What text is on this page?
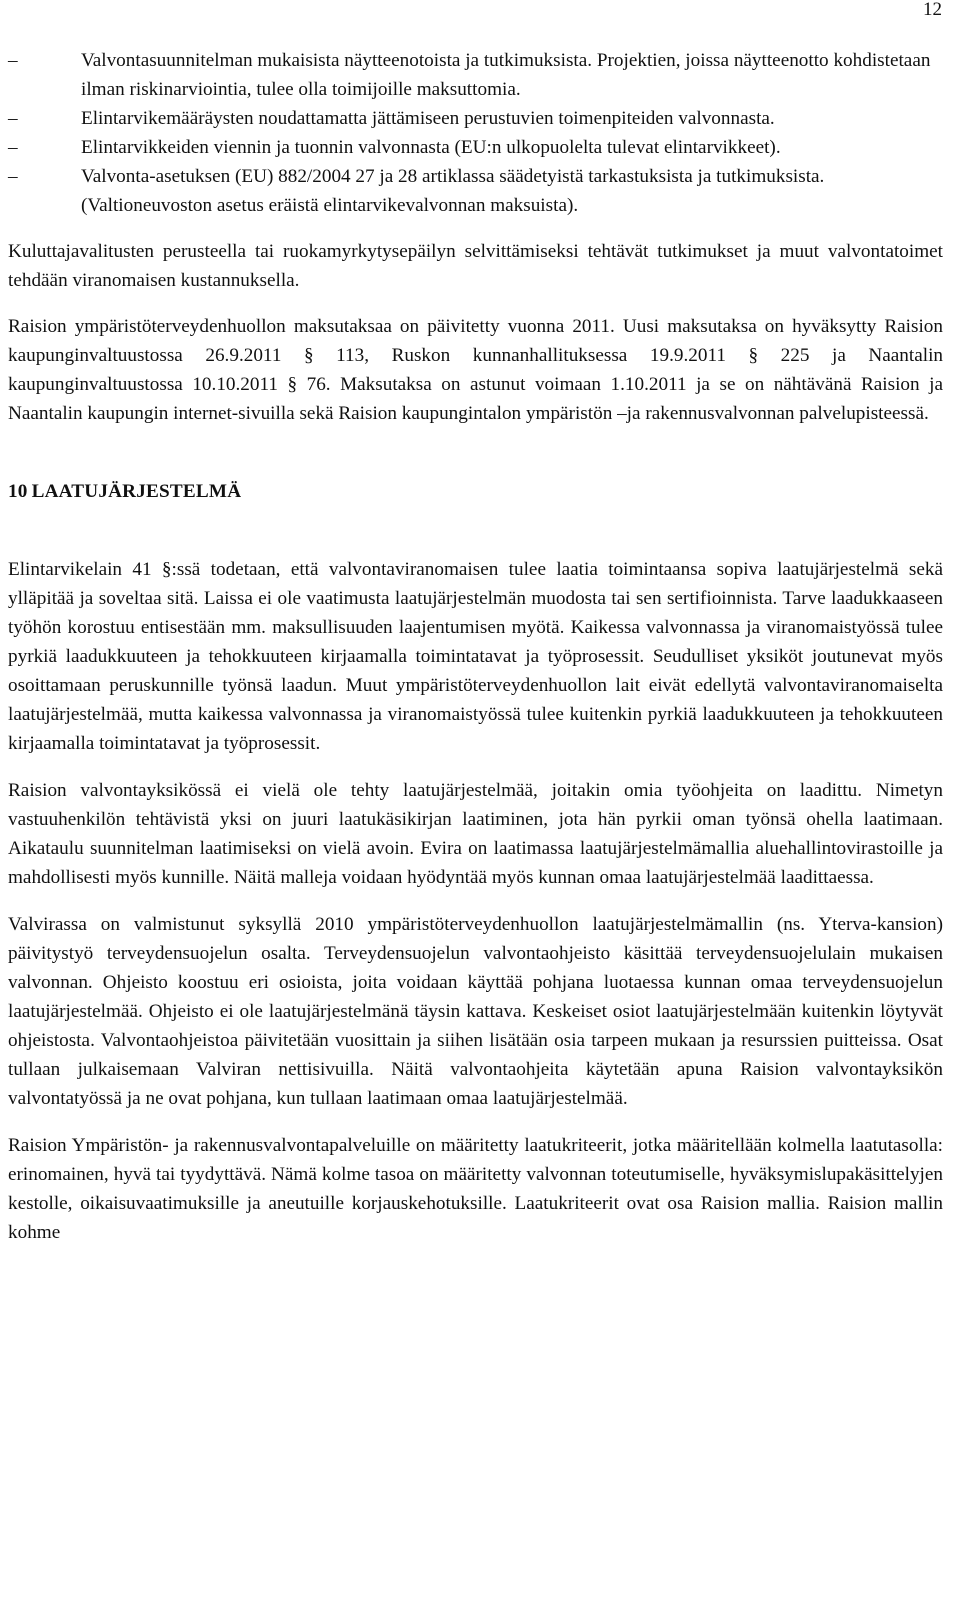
12
–	Valvontasuunnitelman mukaisista näytteenotoista ja tutkimuksista. Projektien, joissa näytteenotto kohdistetaan ilman riskinarviointia, tulee olla toimijoille maksuttomia.
–	Elintarvikemääräysten noudattamatta jättämiseen perustuvien toimenpiteiden valvonnasta.
–	Elintarvikkeiden viennin ja tuonnin valvonnasta (EU:n ulkopuolelta tulevat elintarvikkeet).
–	Valvonta-asetuksen (EU) 882/2004 27 ja 28 artiklassa säädetyistä tarkastuksista ja tutkimuksista. (Valtioneuvoston asetus eräistä elintarvikevalvonnan maksuista).

Kuluttajavalitusten perusteella tai ruokamyrkytysepäilyn selvittämiseksi tehtävät tutkimukset ja muut valvontatoimet tehdään viranomaisen kustannuksella.

Raision ympäristöterveydenhuollon maksutaksaa on päivitetty vuonna 2011. Uusi maksutaksa on hyväksytty Raision kaupunginvaltuustossa 26.9.2011 § 113, Ruskon kunnanhallituksessa 19.9.2011 § 225 ja Naantalin kaupunginvaltuustossa 10.10.2011 § 76. Maksutaksa on astunut voimaan 1.10.2011 ja se on nähtävänä Raision ja Naantalin kaupungin internet-sivuilla sekä Raision kaupungintalon ympäristön –ja rakennusvalvonnan palvelupisteessä.

10 LAATUJÄRJESTELMÄ

Elintarvikelain 41 §:ssä todetaan, että valvontaviranomaisen tulee laatia toimintaansa sopiva laatujärjestelmä sekä ylläpitää ja soveltaa sitä. Laissa ei ole vaatimusta laatujärjestelmän muodosta tai sen sertifioinnista. Tarve laadukkaaseen työhön korostuu entisestään mm. maksullisuuden laajentumisen myötä. Kaikessa valvonnassa ja viranomaistyössä tulee pyrkiä laadukkuuteen ja tehokkuuteen kirjaamalla toimintatavat ja työprosessit. Seudulliset yksiköt joutunevat myös osoittamaan peruskunnille työnsä laadun. Muut ympäristöterveydenhuollon lait eivät edellytä valvontaviranomaiselta laatujärjestelmää, mutta kaikessa valvonnassa ja viranomaistyössä tulee kuitenkin pyrkiä laadukkuuteen ja tehokkuuteen kirjaamalla toimintatavat ja työprosessit.

Raision valvontayksikössä ei vielä ole tehty laatujärjestelmää, joitakin omia työohjeita on laadittu. Nimetyn vastuuhenkilön tehtävistä yksi on juuri laatukäsikirjan laatiminen, jota hän pyrkii oman työnsä ohella laatimaan. Aikataulu suunnitelman laatimiseksi on vielä avoin. Evira on laatimassa laatujärjestelmämallia aluehallintovirastoille ja mahdollisesti myös kunnille. Näitä malleja voidaan hyödyntää myös kunnan omaa laatujärjestelmää laadittaessa.

Valvirassa on valmistunut syksyllä 2010 ympäristöterveydenhuollon laatujärjestelmämallin (ns. Yterva-kansion) päivitystyö terveydensuojelun osalta. Terveydensuojelun valvontaohjeisto käsittää terveydensuojelulain mukaisen valvonnan. Ohjeisto koostuu eri osioista, joita voidaan käyttää pohjana luotaessa kunnan omaa terveydensuojelun laatujärjestelmää. Ohjeisto ei ole laatujärjestelmänä täysin kattava. Keskeiset osiot laatujärjestelmään kuitenkin löytyvät ohjeistosta. Valvontaohjeistoa päivitetään vuosittain ja siihen lisätään osia tarpeen mukaan ja resurssien puitteissa. Osat tullaan julkaisemaan Valviran nettisivuilla. Näitä valvontaohjeita käytetään apuna Raision valvontayksikön valvontatyössä ja ne ovat pohjana, kun tullaan laatimaan omaa laatujärjestelmää.

Raision Ympäristön- ja rakennusvalvontapalveluille on määritetty laatukriteerit, jotka määritellään kolmella laatutasolla: erinomainen, hyvä tai tyydyttävä. Nämä kolme tasoa on määritetty valvonnan toteutumiselle, hyväksymislupakäsittelyjen kestolle, oikaisuvaatimuksille ja aneutuille korjauskehotuksille. Laatukriteerit ovat osa Raision mallia. Raision mallin kohme
